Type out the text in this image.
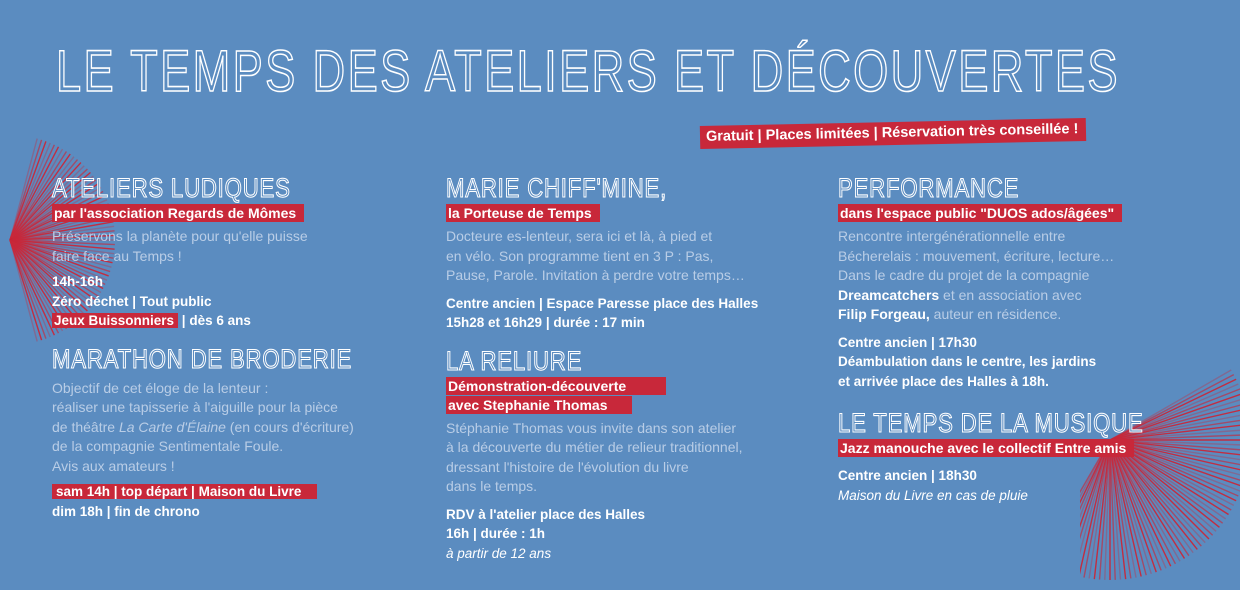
LE TEMPS DES ATELIERS ET DÉCOUVERTES
Gratuit | Places limitées | Réservation très conseillée !
ATELIERS LUDIQUES
par l'association Regards de Mômes
Préservons la planète pour qu'elle puisse
faire face au Temps !
14h-16h
Zéro déchet | Tout public
Jeux Buissonniers | dès 6 ans
MARATHON DE BRODERIE
Objectif de cet éloge de la lenteur :
réaliser une tapisserie à l'aiguille pour la pièce
de théâtre La Carte d'Élaine (en cours d'écriture)
de la compagnie Sentimentale Foule.
Avis aux amateurs !
sam 14h | top départ | Maison du Livre
dim 18h | fin de chrono
MARIE CHIFF'MINE,
la Porteuse de Temps
Docteure es-lenteur, sera ici et là, à pied et
en vélo. Son programme tient en 3 P : Pas,
Pause, Parole. Invitation à perdre votre temps…
Centre ancien | Espace Paresse place des Halles
15h28 et 16h29 | durée : 17 min
LA RELIURE
Démonstration-découverte
avec Stephanie Thomas
Stéphanie Thomas vous invite dans son atelier
à la découverte du métier de relieur traditionnel,
dressant l'histoire de l'évolution du livre
dans le temps.
RDV à l'atelier place des Halles
16h | durée : 1h
à partir de 12 ans
PERFORMANCE
dans l'espace public "DUOS ados/âgées"
Rencontre intergénérationnelle entre
Bécherelais : mouvement, écriture, lecture…
Dans le cadre du projet de la compagnie
Dreamcatchers et en association avec
Filip Forgeau, auteur en résidence.
Centre ancien | 17h30
Déambulation dans le centre, les jardins
et arrivée place des Halles à 18h.
LE TEMPS DE LA MUSIQUE
Jazz manouche avec le collectif Entre amis
Centre ancien | 18h30
Maison du Livre en cas de pluie
